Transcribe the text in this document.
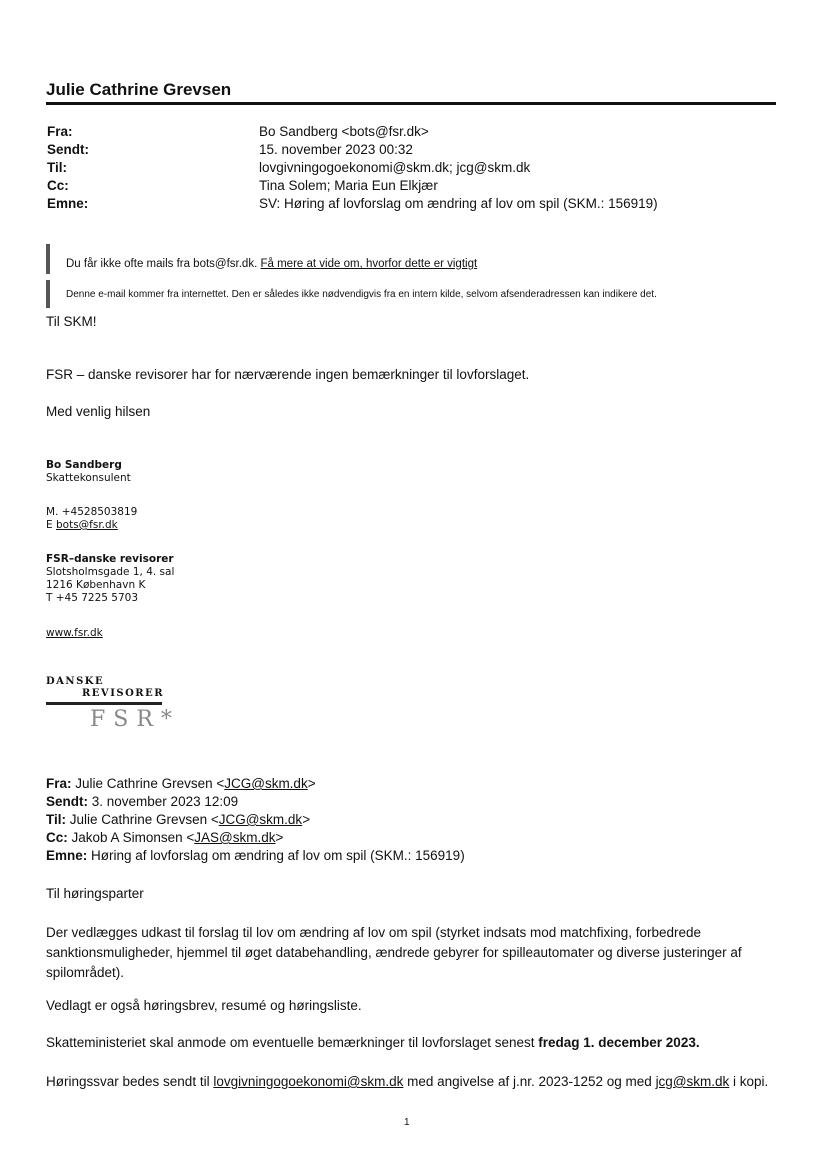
Julie Cathrine Grevsen
Fra:	Bo Sandberg <bots@fsr.dk>
Sendt:	15. november 2023 00:32
Til:	lovgivningogoekonomi@skm.dk; jcg@skm.dk
Cc:	Tina Solem; Maria Eun Elkjær
Emne:	SV: Høring af lovforslag om ændring af lov om spil (SKM.: 156919)
Du får ikke ofte mails fra bots@fsr.dk. Få mere at vide om, hvorfor dette er vigtigt
Denne e-mail kommer fra internettet. Den er således ikke nødvendigvis fra en intern kilde, selvom afsenderadressen kan indikere det.
Til SKM!
FSR – danske revisorer har for nærværende ingen bemærkninger til lovforslaget.
Med venlig hilsen
Bo Sandberg
Skattekonsulent
M. +4528503819
E bots@fsr.dk
FSR–danske revisorer
Slotsholmsgade 1, 4. sal
1216 København K
T +45 7225 5703
www.fsr.dk
DANSKE
REVISORER
FSR*
Fra: Julie Cathrine Grevsen <JCG@skm.dk>
Sendt: 3. november 2023 12:09
Til: Julie Cathrine Grevsen <JCG@skm.dk>
Cc: Jakob A Simonsen <JAS@skm.dk>
Emne: Høring af lovforslag om ændring af lov om spil (SKM.: 156919)
Til høringsparter
Der vedlægges udkast til forslag til lov om ændring af lov om spil (styrket indsats mod matchfixing, forbedrede sanktionsmuligheder, hjemmel til øget databehandling, ændrede gebyrer for spilleautomater og diverse justeringer af spilområdet).
Vedlagt er også høringsbrev, resumé og høringsliste.
Skatteministeriet skal anmode om eventuelle bemærkninger til lovforslaget senest fredag 1. december 2023.
Høringssvar bedes sendt til lovgivningogoekonomi@skm.dk med angivelse af j.nr. 2023-1252 og med jcg@skm.dk i kopi.
1
